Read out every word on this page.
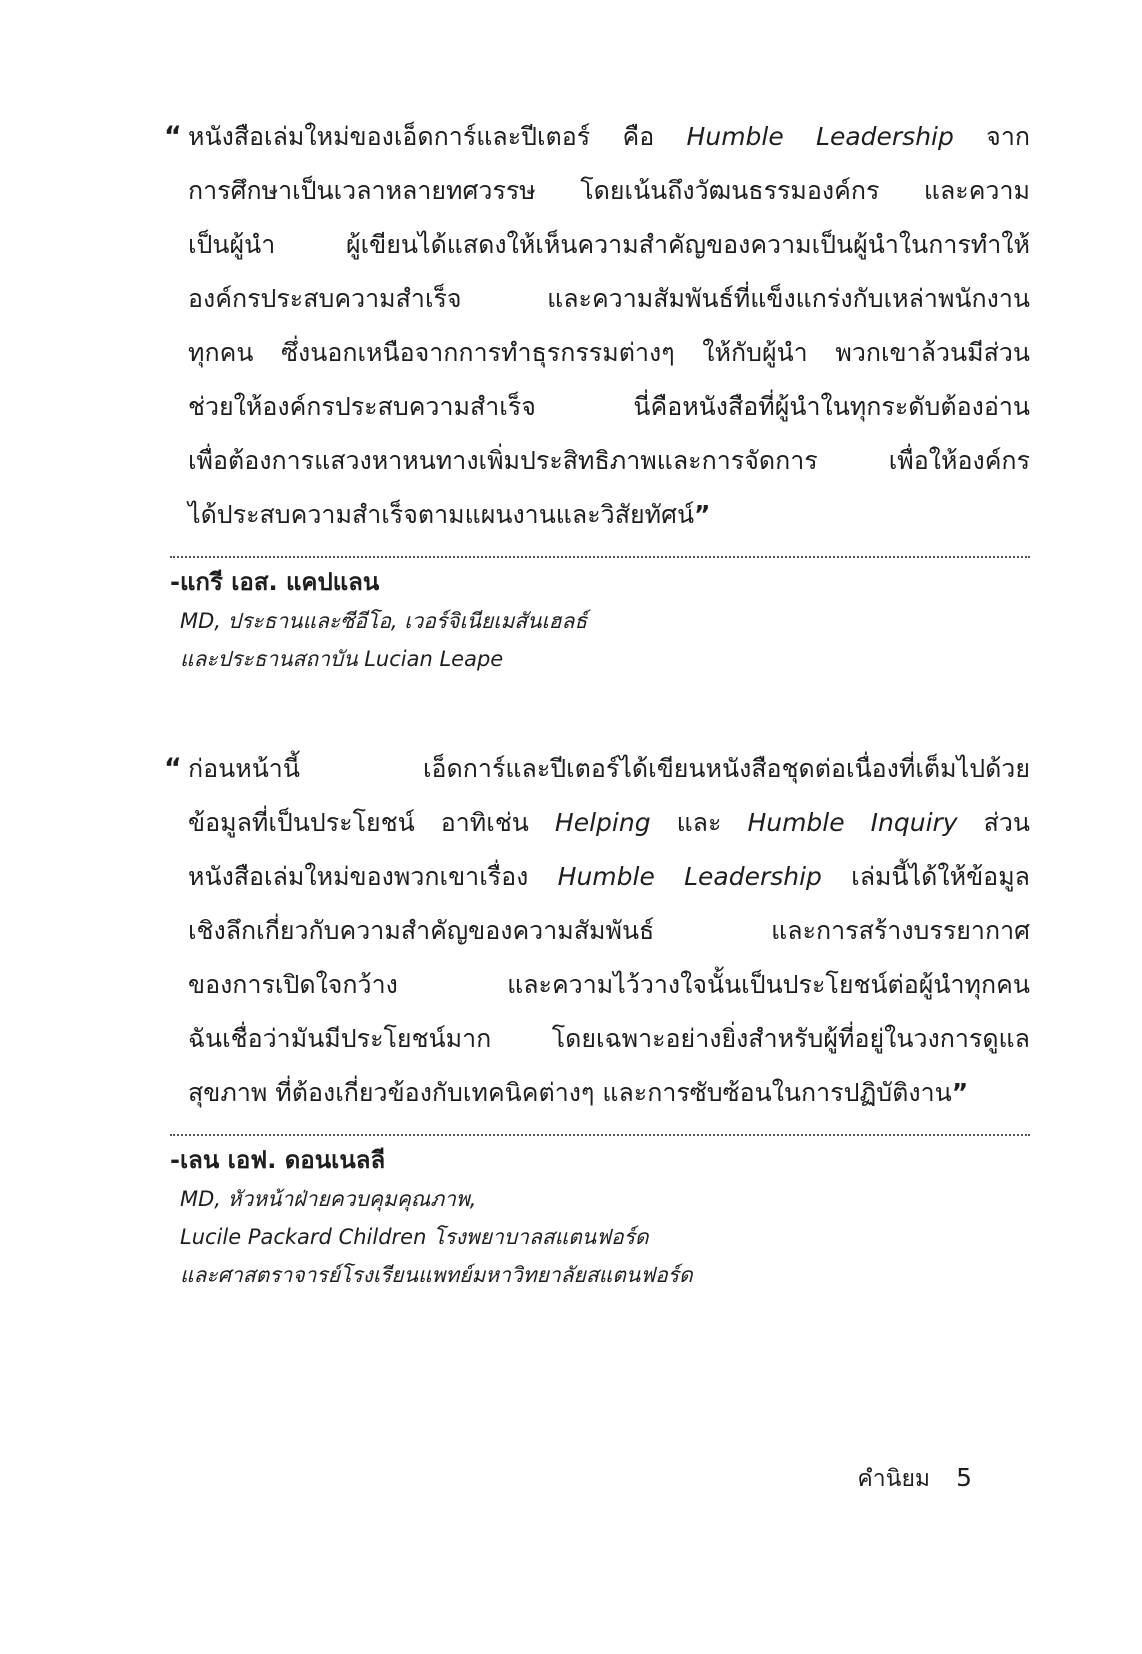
“ หนังสือเล่มใหม่ของเอ็ดการ์และปีเตอร์ คือ Humble Leadership จาก
การศึกษาเป็นเวลาหลายทศวรรษ โดยเน้นถึงวัฒนธรรมองค์กร และความ
เป็นผู้นำ ผู้เขียนได้แสดงให้เห็นความสำคัญของความเป็นผู้นำในการทำให้
องค์กรประสบความสำเร็จ และความสัมพันธ์ที่แข็งแกร่งกับเหล่าพนักงาน
ทุกคน ซึ่งนอกเหนือจากการทำธุรกรรมต่างๆ ให้กับผู้นำ พวกเขาล้วนมีส่วน
ช่วยให้องค์กรประสบความสำเร็จ นี่คือหนังสือที่ผู้นำในทุกระดับต้องอ่าน
เพื่อต้องการแสวงหาหนทางเพิ่มประสิทธิภาพและการจัดการ เพื่อให้องค์กร
ได้ประสบความสำเร็จตามแผนงานและวิสัยทัศน์”
-แกรี เอส. แคปแลน
MD, ประธานและซีอีโอ, เวอร์จิเนียเมสันเฮลธ์
และประธานสถาบัน Lucian Leape
“ ก่อนหน้านี้ เอ็ดการ์และปีเตอร์ได้เขียนหนังสือชุดต่อเนื่องที่เต็มไปด้วย
ข้อมูลที่เป็นประโยชน์ อาทิเช่น Helping และ Humble Inquiry ส่วน
หนังสือเล่มใหม่ของพวกเขาเรื่อง Humble Leadership เล่มนี้ได้ให้ข้อมูล
เชิงลึกเกี่ยวกับความสำคัญของความสัมพันธ์ และการสร้างบรรยากาศ
ของการเปิดใจกว้าง และความไว้วางใจนั้นเป็นประโยชน์ต่อผู้นำทุกคน
ฉันเชื่อว่ามันมีประโยชน์มาก โดยเฉพาะอย่างยิ่งสำหรับผู้ที่อยู่ในวงการดูแล
สุขภาพ ที่ต้องเกี่ยวข้องกับเทคนิคต่างๆ และการซับซ้อนในการปฏิบัติงาน”
-เลน เอฟ. ดอนเนลลี
MD, หัวหน้าฝ่ายควบคุมคุณภาพ,
Lucile Packard Children โรงพยาบาลสแตนฟอร์ด
และศาสตราจารย์โรงเรียนแพทย์มหาวิทยาลัยสแตนฟอร์ด
คำนิยม 5
